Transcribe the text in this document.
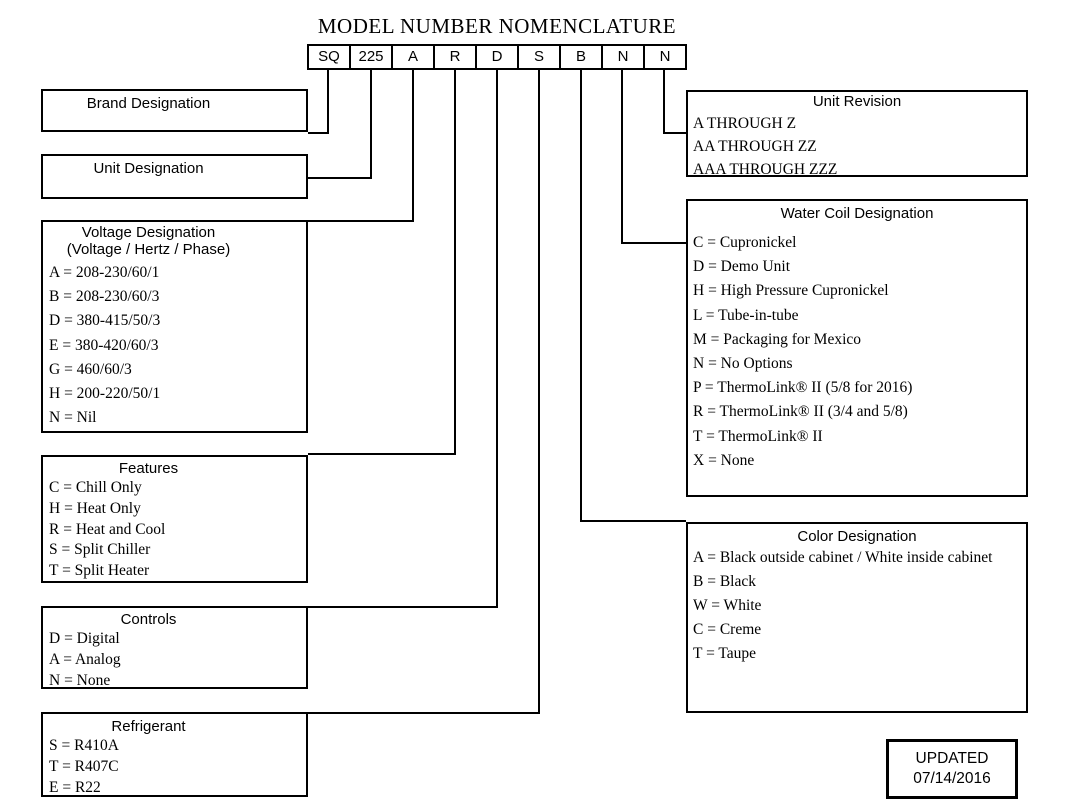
MODEL NUMBER NOMENCLATURE
SQ	225	A	R	D	S	B	N	N
Brand Designation
Unit Designation
Voltage Designation
(Voltage / Hertz / Phase)
A = 208-230/60/1
B = 208-230/60/3
D = 380-415/50/3
E = 380-420/60/3
G = 460/60/3
H = 200-220/50/1
N = Nil
Features
C = Chill Only
H = Heat Only
R = Heat and Cool
S = Split Chiller
T = Split Heater
Controls
D = Digital
A = Analog
N = None
Refrigerant
S = R410A
T = R407C
E = R22
Unit Revision
A THROUGH Z
AA THROUGH ZZ
AAA THROUGH ZZZ
Water Coil Designation
C = Cupronickel
D = Demo Unit
H = High Pressure Cupronickel
L = Tube-in-tube
M = Packaging for Mexico
N = No Options
P = ThermoLink® II (5/8 for 2016)
R = ThermoLink® II (3/4 and 5/8)
T = ThermoLink® II
X = None
Color Designation
A = Black outside cabinet / White inside cabinet
B = Black
W = White
C = Creme
T = Taupe
UPDATED
07/14/2016
